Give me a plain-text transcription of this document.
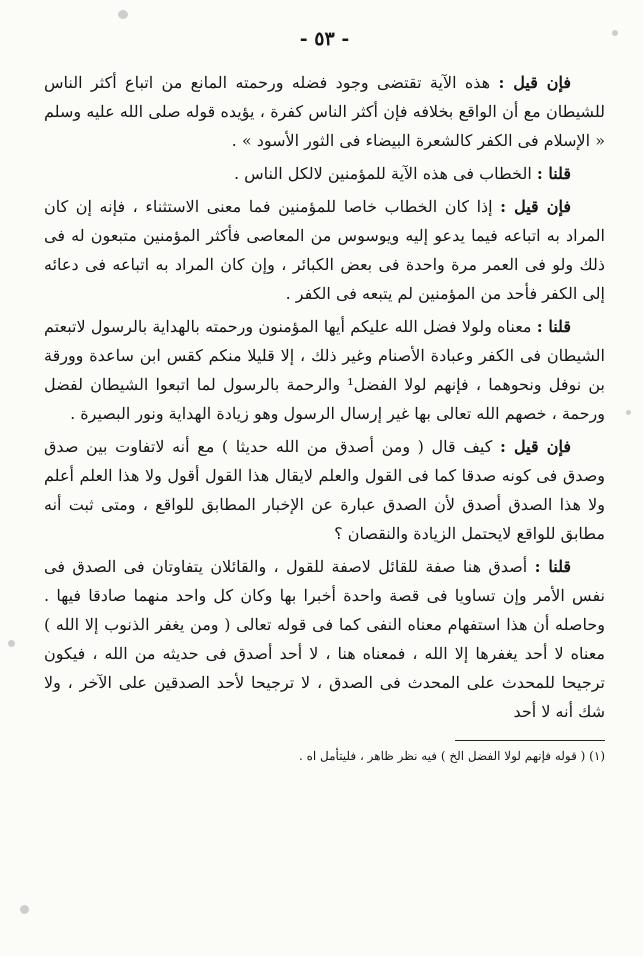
- ٥٣ -

فإن قيل : هذه الآية تقتضى وجود فضله ورحمته المانع من اتباع أكثر الناس للشيطان مع أن الواقع بخلافه فإن أكثر الناس كفرة ، يؤيده قوله صلى الله عليه وسلم « الإسلام فى الكفر كالشعرة البيضاء فى الثور الأسود » .

قلنا : الخطاب فى هذه الآية للمؤمنين لالكل الناس .

فإن قيل : إذا كان الخطاب خاصا للمؤمنين فما معنى الاستثناء ، فإنه إن كان المراد به اتباعه فيما يدعو إليه ويوسوس من المعاصى فأكثر المؤمنين متبعون له فى ذلك ولو فى العمر مرة واحدة فى بعض الكبائر ، وإن كان المراد به اتباعه فى دعائه إلى الكفر فأحد من المؤمنين لم يتبعه فى الكفر .

قلنا : معناه ولولا فضل الله عليكم أيها المؤمنون ورحمته بالهداية بالرسول لاتبعتم الشيطان فى الكفر وعبادة الأصنام وغير ذلك ، إلا قليلا منكم كقس ابن ساعدة وورقة بن نوفل ونحوهما ، فإنهم لولا الفضل¹ والرحمة بالرسول لما اتبعوا الشيطان لفضل ورحمة ، خصهم الله تعالى بها غير إرسال الرسول وهو زيادة الهداية ونور البصيرة .

فإن قيل : كيف قال ( ومن أصدق من الله حديثا ) مع أنه لاتفاوت بين صدق وصدق فى كونه صدقا كما فى القول والعلم لايقال هذا القول أقول ولا هذا العلم أعلم ولا هذا الصدق أصدق لأن الصدق عبارة عن الإخبار المطابق للواقع ، ومتى ثبت أنه مطابق للواقع لايحتمل الزيادة والنقصان ؟

قلنا : أصدق هنا صفة للقائل لاصفة للقول ، والقائلان يتفاوتان فى الصدق فى نفس الأمر وإن تساويا فى قصة واحدة أخبرا بها وكان كل واحد منهما صادقا فيها . وحاصله أن هذا استفهام معناه النفى كما فى قوله تعالى ( ومن يغفر الذنوب إلا الله ) معناه لا أحد يغفرها إلا الله ، فمعناه هنا ، لا أحد أصدق فى حديثه من الله ، فيكون ترجيحا للمحدث على المحدث فى الصدق ، لا ترجيحا لأحد الصدقين على الآخر ، ولا شك أنه لا أحد

(١) ( قوله فإنهم لولا الفضل الخ ) فيه نظر ظاهر ، فليتأمل اه .
